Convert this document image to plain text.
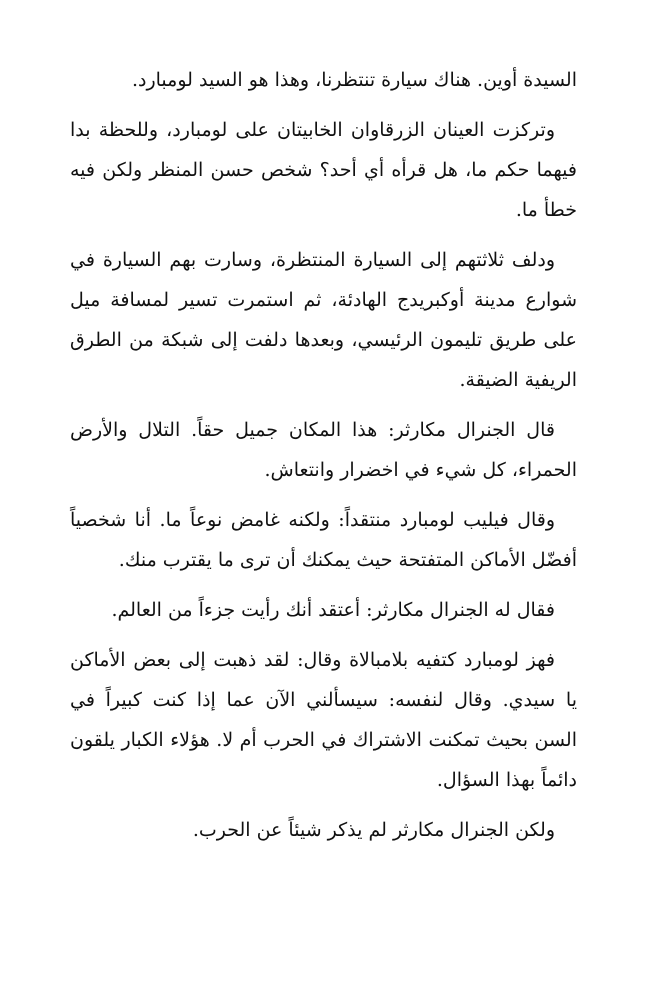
السيدة أوين. هناك سيارة تنتظرنا، وهذا هو السيد لومبارد.

وتركزت العينان الزرقاوان الخابيتان على لومبارد، وللحظة بدا فيهما حكم ما، هل قرأه أي أحد؟ شخص حسن المنظر ولكن فيه خطأ ما.

ودلف ثلاثتهم إلى السيارة المنتظرة، وسارت بهم السيارة في شوارع مدينة أوكبريدج الهادئة، ثم استمرت تسير لمسافة ميل على طريق تليمون الرئيسي، وبعدها دلفت إلى شبكة من الطرق الريفية الضيقة.

قال الجنرال مكارثر: هذا المكان جميل حقاً. التلال والأرض الحمراء، كل شيء في اخضرار وانتعاش.

وقال فيليب لومبارد منتقداً: ولكنه غامض نوعاً ما. أنا شخصياً أفضّل الأماكن المتفتحة حيث يمكنك أن ترى ما يقترب منك.

فقال له الجنرال مكارثر: أعتقد أنك رأيت جزءاً من العالم.

فهز لومبارد كتفيه بلامبالاة وقال: لقد ذهبت إلى بعض الأماكن يا سيدي. وقال لنفسه: سيسألني الآن عما إذا كنت كبيراً في السن بحيث تمكنت الاشتراك في الحرب أم لا. هؤلاء الكبار يلقون دائماً بهذا السؤال.

ولكن الجنرال مكارثر لم يذكر شيئاً عن الحرب.
